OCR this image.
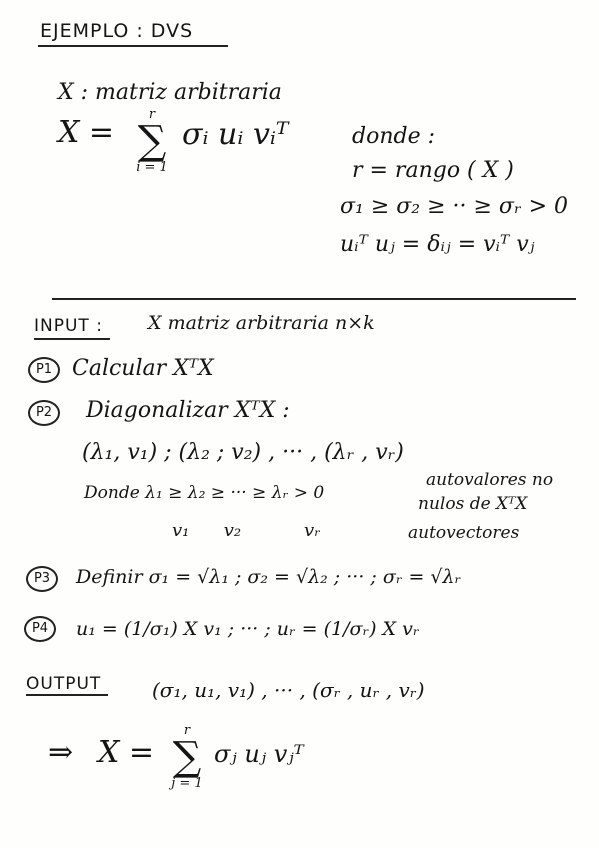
EJEMPLO : DVS
X : matriz arbitraria
X =
r
∑
i = 1
σᵢ uᵢ vᵢᵀ	donde :
r = rango ( X )
σ₁ ≥ σ₂ ≥ ·· ≥ σᵣ > 0
uᵢᵀ uⱼ = δᵢⱼ = vᵢᵀ vⱼ
INPUT : X matriz arbitraria n×k
P1 Calcular XᵀX
P2	Diagonalizar XᵀX :
(λ₁, v₁) ; (λ₂ ; v₂) , ··· , (λᵣ , vᵣ)
Donde λ₁ ≥ λ₂ ≥ ··· ≥ λᵣ > 0
autovalores no
nulos de XᵀX
v₁      v₂           vᵣ	autovectores
P3	Definir σ₁ = √λ₁ ; σ₂ = √λ₂ ; ··· ; σᵣ = √λᵣ
P4	u₁ = (1/σ₁) X v₁ ; ··· ; uᵣ = (1/σᵣ) X vᵣ
OUTPUT	(σ₁, u₁, v₁) , ··· , (σᵣ , uᵣ , vᵣ)
⇒ X =
r
∑
j = 1
σⱼ uⱼ vⱼᵀ
